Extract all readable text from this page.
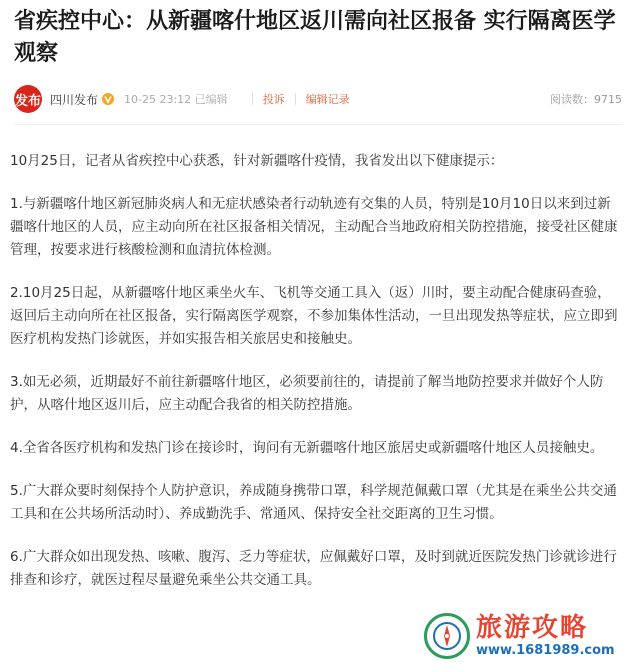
省疾控中心：从新疆喀什地区返川需向社区报备 实行隔离医学观察
发布 四川发布 10-25 23:12 已编辑	投诉 编辑记录	阅读数：9715

10月25日，记者从省疾控中心获悉，针对新疆喀什疫情，我省发出以下健康提示：

1.与新疆喀什地区新冠肺炎病人和无症状感染者行动轨迹有交集的人员，特别是10月10日以来到过新疆喀什地区的人员，应主动向所在社区报备相关情况，主动配合当地政府相关防控措施，接受社区健康管理，按要求进行核酸检测和血清抗体检测。

2.10月25日起，从新疆喀什地区乘坐火车、飞机等交通工具入（返）川时，要主动配合健康码查验，返回后主动向所在社区报备，实行隔离医学观察，不参加集体性活动，一旦出现发热等症状，应立即到医疗机构发热门诊就医，并如实报告相关旅居史和接触史。

3.如无必须，近期最好不前往新疆喀什地区，必须要前往的，请提前了解当地防控要求并做好个人防护，从喀什地区返川后，应主动配合我省的相关防控措施。

4.全省各医疗机构和发热门诊在接诊时，询问有无新疆喀什地区旅居史或新疆喀什地区人员接触史。

5.广大群众要时刻保持个人防护意识，养成随身携带口罩，科学规范佩戴口罩（尤其是在乘坐公共交通工具和在公共场所活动时）、养成勤洗手、常通风、保持安全社交距离的卫生习惯。

6.广大群众如出现发热、咳嗽、腹泻、乏力等症状，应佩戴好口罩，及时到就近医院发热门诊就诊进行排查和诊疗，就医过程尽量避免乘坐公共交通工具。

旅游攻略
www.1681989.com
